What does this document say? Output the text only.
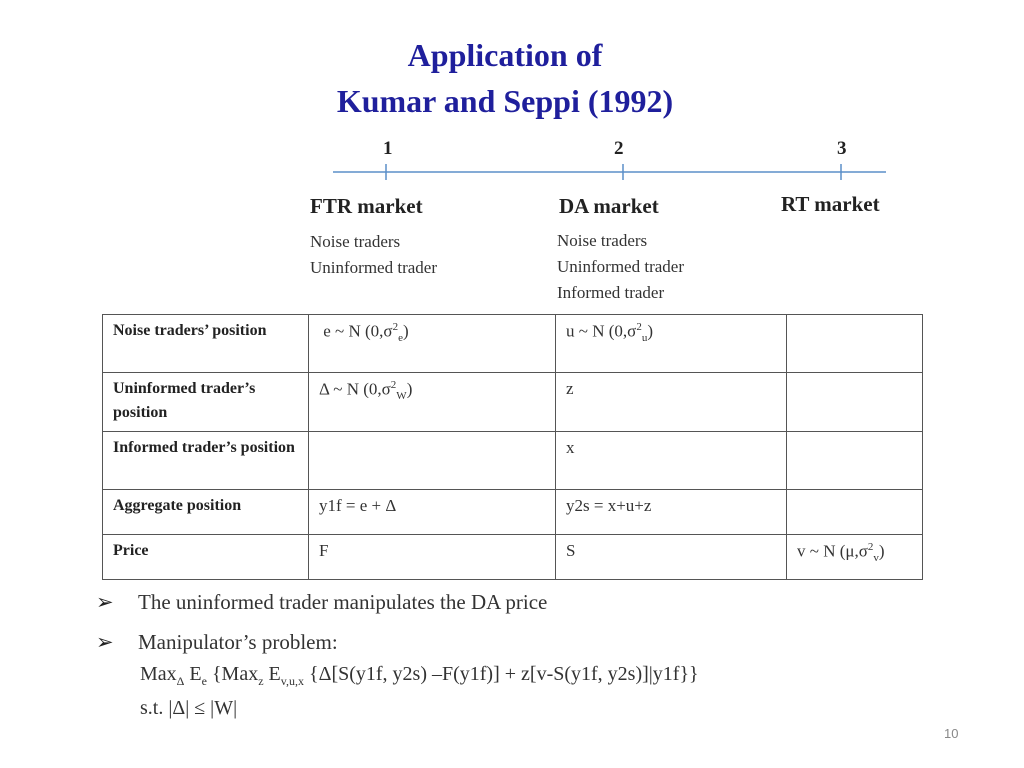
Application of
Kumar and Seppi (1992)
1	2	3
FTR market	DA market	RT market
Noise traders
Uninformed trader
Noise traders
Uninformed trader
Informed trader
Noise traders’ position	e ~ N $(0,\sigma^2_e)$	u ~ N $(0,\sigma^2_u)$	
Uninformed trader’s position	Δ ~ N $(0,\sigma^2_W)$	z	
Informed trader’s position		x	
Aggregate position	y1f = e + Δ	y2s = x+u+z	
Price	F	S	v ~ N $(\mu,\sigma^2_v)$
➢ The uninformed trader manipulates the DA price
➢ Manipulator’s problem:
Max$_\Delta$ $E_e$ {Max$_z$ $E_{v,u,x}$ {Δ[S(y1f, y2s) –F(y1f)] + z[v-S(y1f, y2s)]|y1f}}
s.t. |Δ| ≤ |W|
10
